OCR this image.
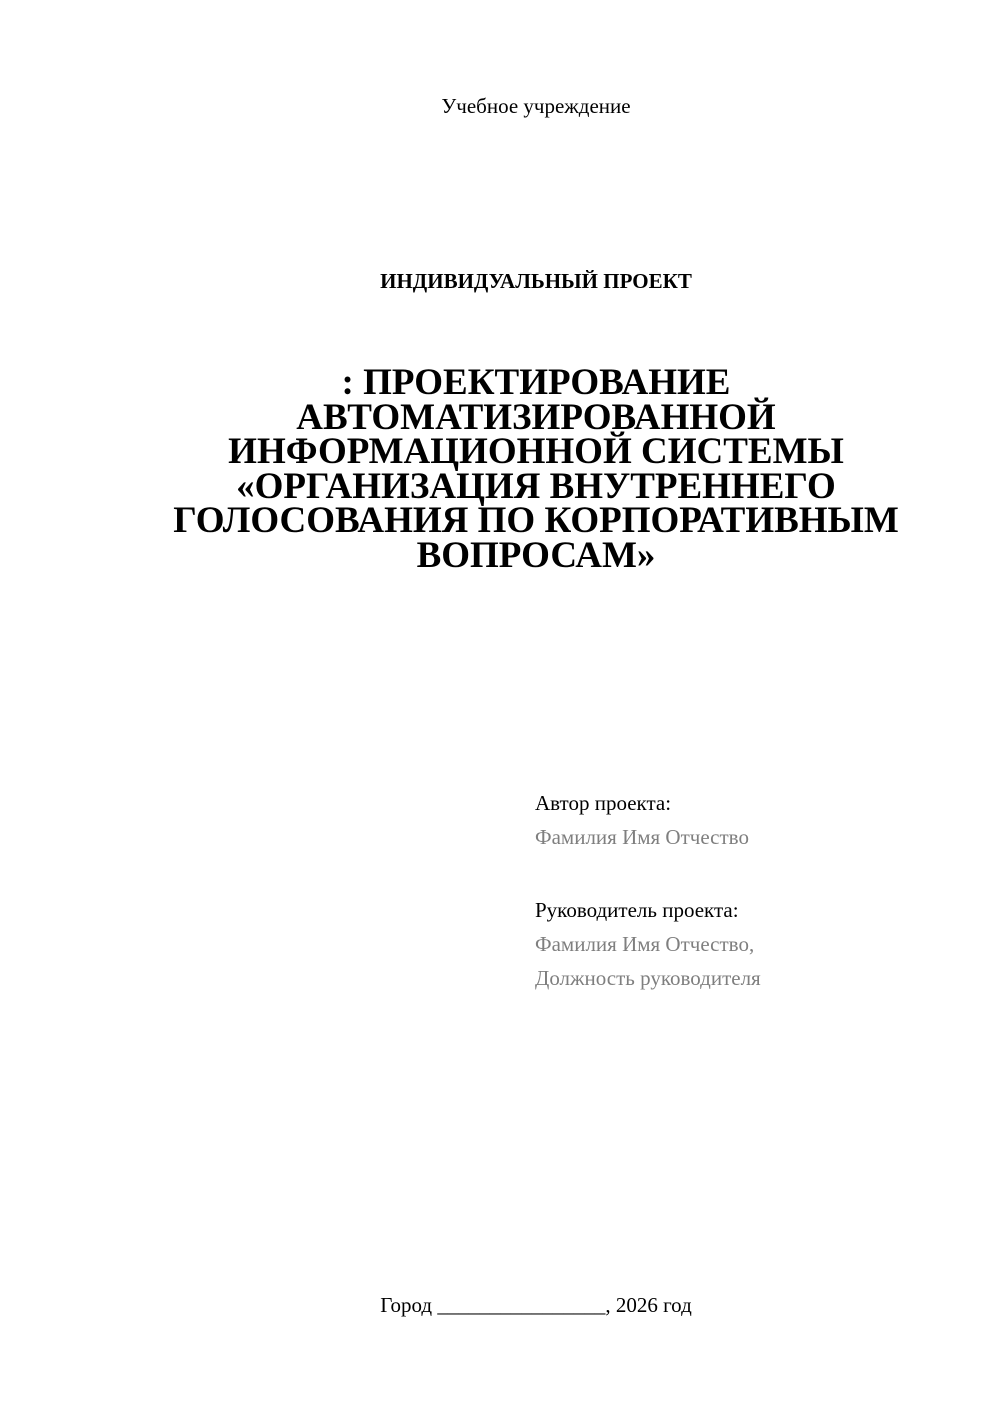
Учебное учреждение
ИНДИВИДУАЛЬНЫЙ ПРОЕКТ
: ПРОЕКТИРОВАНИЕ
АВТОМАТИЗИРОВАННОЙ
ИНФОРМАЦИОННОЙ СИСТЕМЫ
«ОРГАНИЗАЦИЯ ВНУТРЕННЕГО
ГОЛОСОВАНИЯ ПО КОРПОРАТИВНЫМ
ВОПРОСАМ»
Автор проекта:
Фамилия Имя Отчество
Руководитель проекта:
Фамилия Имя Отчество,
Должность руководителя
Город ________________, 2026 год
